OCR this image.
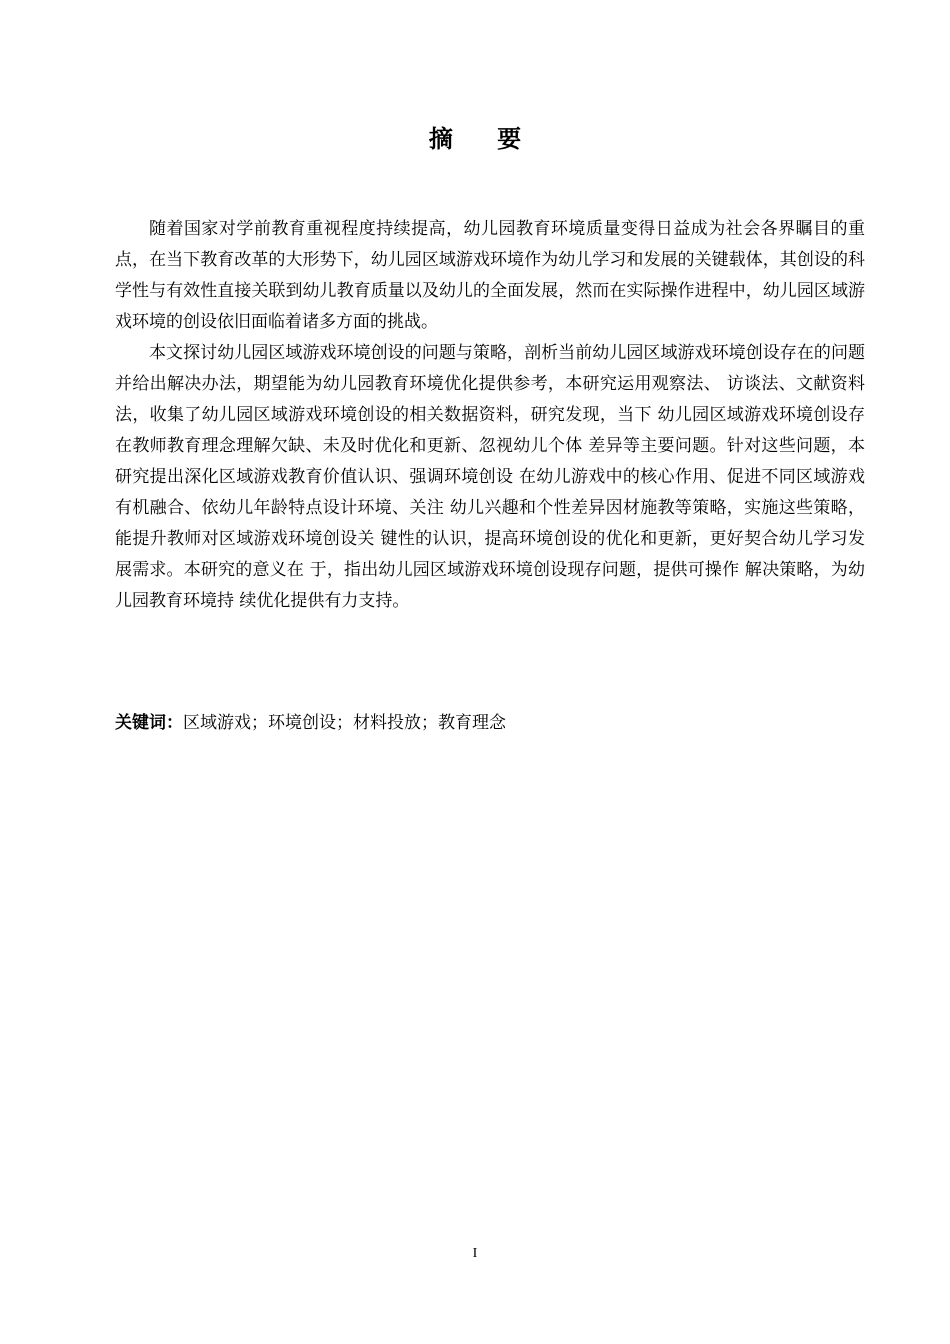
摘 要

随着国家对学前教育重视程度持续提高，幼儿园教育环境质量变得日益成为社会各界瞩目的重点，在当下教育改革的大形势下，幼儿园区域游戏环境作为幼儿学习和发展的关键载体，其创设的科学性与有效性直接关联到幼儿教育质量以及幼儿的全面发展，然而在实际操作进程中，幼儿园区域游戏环境的创设依旧面临着诸多方面的挑战。

本文探讨幼儿园区域游戏环境创设的问题与策略，剖析当前幼儿园区域游戏环境创设存在的问题并给出解决办法，期望能为幼儿园教育环境优化提供参考，本研究运用观察法、 访谈法、文献资料法，收集了幼儿园区域游戏环境创设的相关数据资料，研究发现，当下 幼儿园区域游戏环境创设存在教师教育理念理解欠缺、未及时优化和更新、忽视幼儿个体 差异等主要问题。针对这些问题，本研究提出深化区域游戏教育价值认识、强调环境创设 在幼儿游戏中的核心作用、促进不同区域游戏有机融合、依幼儿年龄特点设计环境、关注 幼儿兴趣和个性差异因材施教等策略，实施这些策略，能提升教师对区域游戏环境创设关 键性的认识，提高环境创设的优化和更新，更好契合幼儿学习发展需求。本研究的意义在 于，指出幼儿园区域游戏环境创设现存问题，提供可操作 解决策略，为幼儿园教育环境持 续优化提供有力支持。

关键词：区域游戏；环境创设；材料投放；教育理念
I
